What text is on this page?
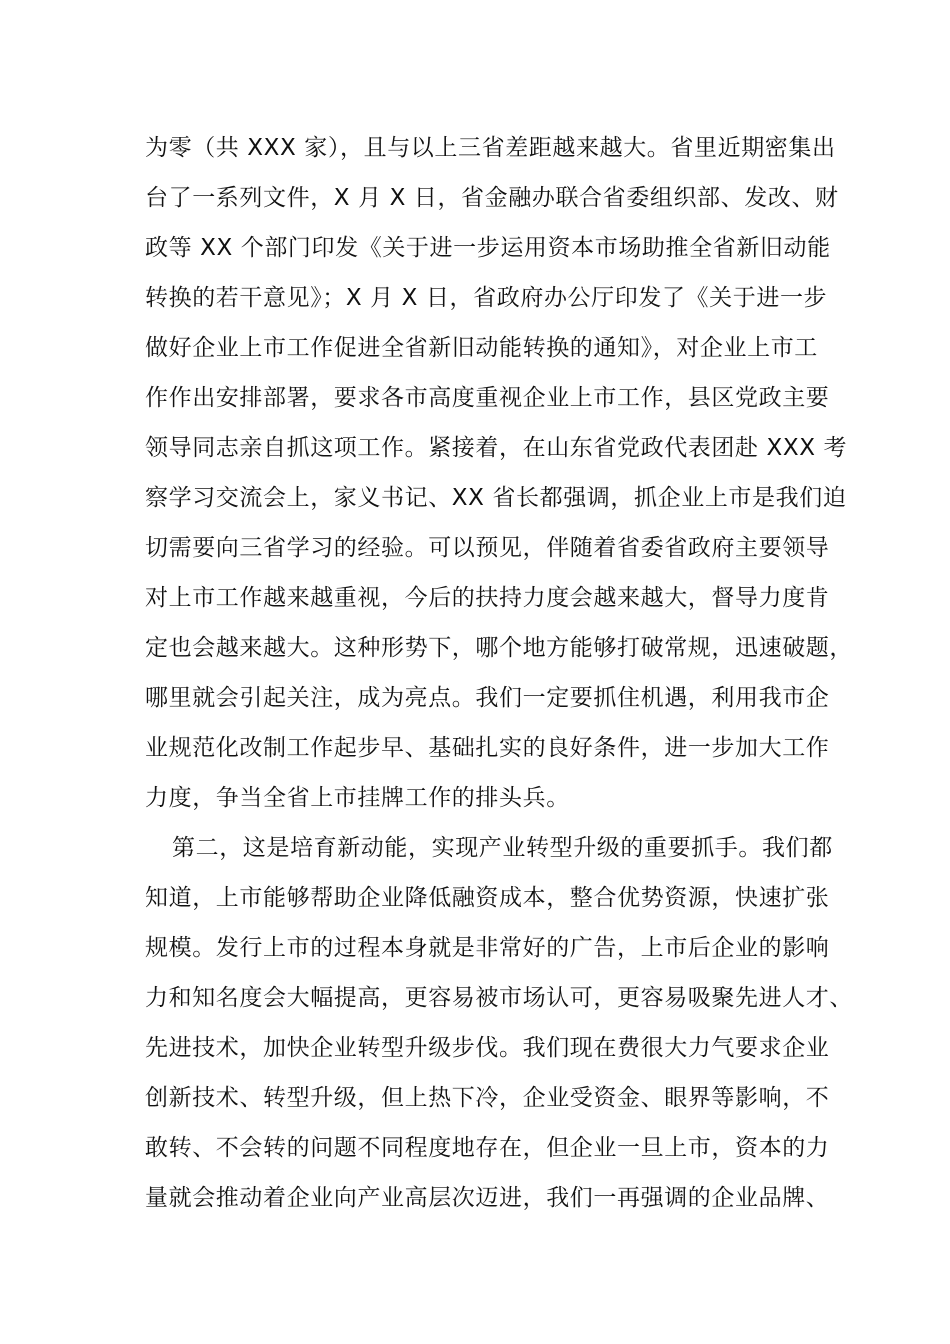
为零（共 XXX 家），且与以上三省差距越来越大。省里近期密集出
台了一系列文件，X 月 X 日，省金融办联合省委组织部、发改、财
政等 XX 个部门印发《关于进一步运用资本市场助推全省新旧动能
转换的若干意见》；X 月 X 日，省政府办公厅印发了《关于进一步
做好企业上市工作促进全省新旧动能转换的通知》，对企业上市工
作作出安排部署，要求各市高度重视企业上市工作，县区党政主要
领导同志亲自抓这项工作。紧接着，在山东省党政代表团赴 XXX 考
察学习交流会上，家义书记、XX 省长都强调，抓企业上市是我们迫
切需要向三省学习的经验。可以预见，伴随着省委省政府主要领导
对上市工作越来越重视，今后的扶持力度会越来越大，督导力度肯
定也会越来越大。这种形势下，哪个地方能够打破常规，迅速破题，
哪里就会引起关注，成为亮点。我们一定要抓住机遇，利用我市企
业规范化改制工作起步早、基础扎实的良好条件，进一步加大工作
力度，争当全省上市挂牌工作的排头兵。
第二，这是培育新动能，实现产业转型升级的重要抓手。我们都
知道，上市能够帮助企业降低融资成本，整合优势资源，快速扩张
规模。发行上市的过程本身就是非常好的广告，上市后企业的影响
力和知名度会大幅提高，更容易被市场认可，更容易吸聚先进人才、
先进技术，加快企业转型升级步伐。我们现在费很大力气要求企业
创新技术、转型升级，但上热下冷，企业受资金、眼界等影响，不
敢转、不会转的问题不同程度地存在，但企业一旦上市，资本的力
量就会推动着企业向产业高层次迈进，我们一再强调的企业品牌、
